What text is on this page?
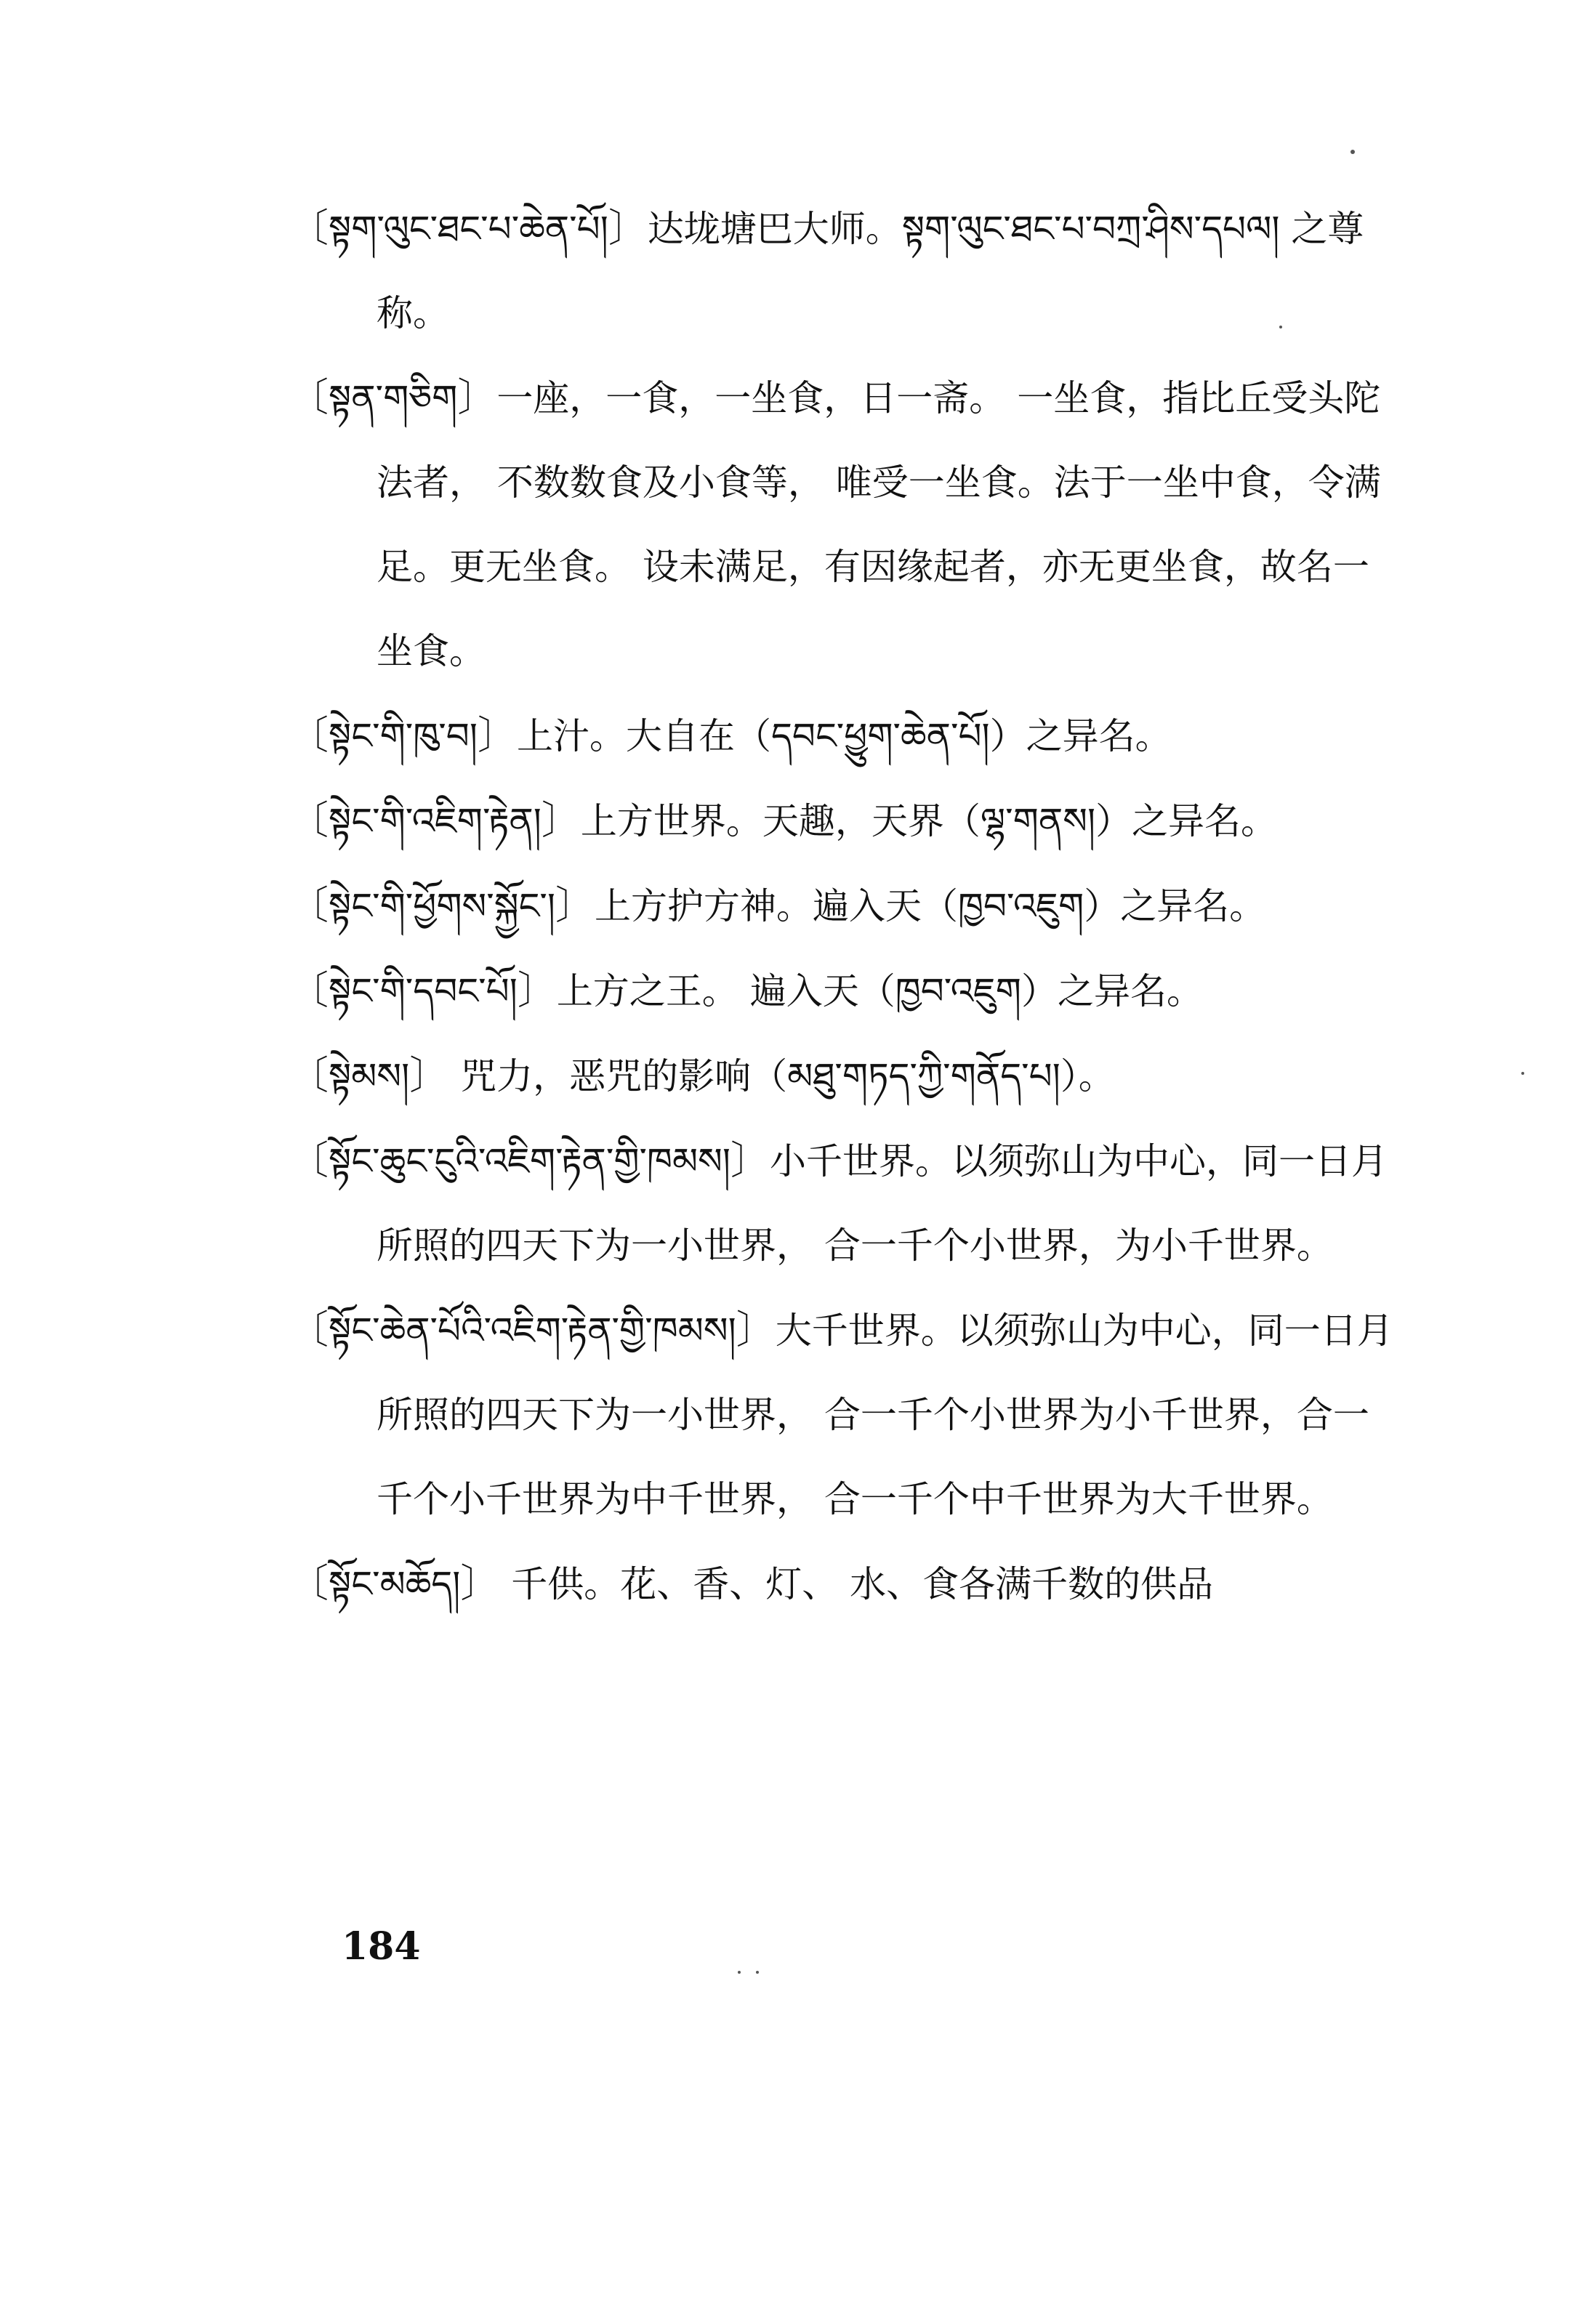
〔སྟག་ལུང་ཐང་པ་ཆེན་པོ།〕达垅塘巴大师。སྟག་ལུང་ཐང་པ་བཀྲ་ཤིས་དཔལ། 之尊称。

〔སྟན་གཅིག〕一座，一食，一坐食，日一斋。 一坐食，指比丘受头陀法者， 不数数食及小食等， 唯受一坐食。法于一坐中食，令满足。更无坐食。 设未满足，有因缘起者，亦无更坐食，故名一坐食。

〔སྟེང་གི་ཁུ་བ།〕上汁。大自在（དབང་ཕྱུག་ཆེན་པོ།）之异名。

〔སྟེང་གི་འཇིག་རྟེན།〕上方世界。天趣，天界（ལྷ་གནས།）之异名。

〔སྟེང་གི་ཕྱོགས་སྐྱོང་།〕上方护方神。遍入天（ཁྱབ་འཇུག）之异名。

〔སྟེང་གི་དབང་པོ།〕上方之王。 遍入天（ཁྱབ་འཇུག）之异名。

〔སྟེམས།〕 咒力，恶咒的影响（མཐུ་གཏད་ཀྱི་གནོད་པ།）。

〔སྟོང་ཆུང་ངུའི་འཇིག་རྟེན་གྱི་ཁམས།〕小千世界。以须弥山为中心，同一日月所照的四天下为一小世界， 合一千个小世界，为小千世界。

〔སྟོང་ཆེན་པོའི་འཇིག་རྟེན་གྱི་ཁམས།〕大千世界。以须弥山为中心，同一日月所照的四天下为一小世界， 合一千个小世界为小千世界，合一千个小千世界为中千世界， 合一千个中千世界为大千世界。

〔སྟོང་མཆོད།〕 千供。花、香、灯、 水、食各满千数的供品

184
